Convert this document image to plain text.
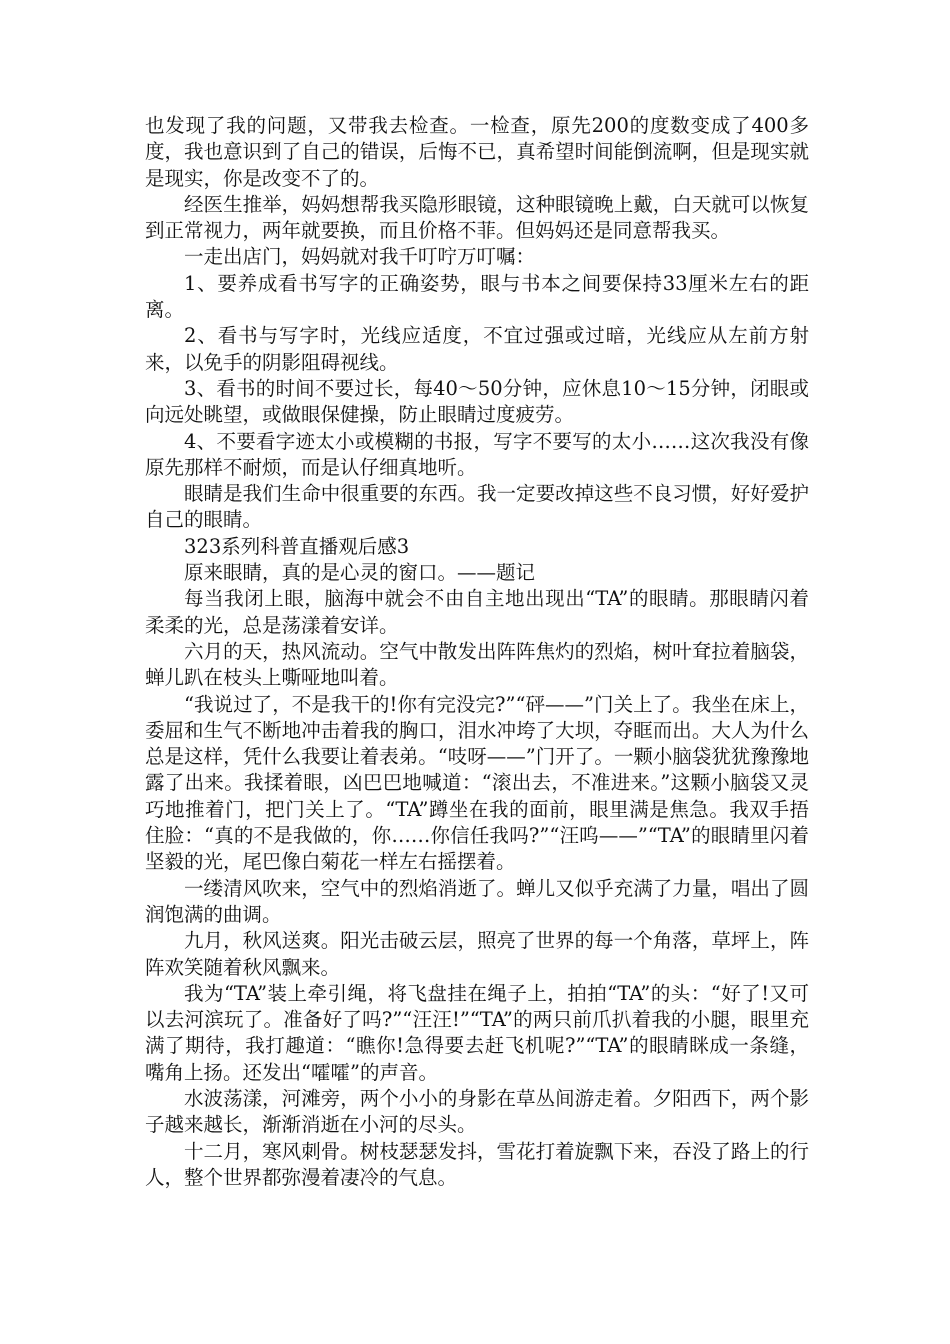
也发现了我的问题，又带我去检查。一检查，原先200的度数变成了400多度，我也意识到了自己的错误，后悔不已，真希望时间能倒流啊，但是现实就是现实，你是改变不了的。

经医生推举，妈妈想帮我买隐形眼镜，这种眼镜晚上戴，白天就可以恢复到正常视力，两年就要换，而且价格不菲。但妈妈还是同意帮我买。

一走出店门，妈妈就对我千叮咛万叮嘱：

1、要养成看书写字的正确姿势，眼与书本之间要保持33厘米左右的距离。

2、看书与写字时，光线应适度，不宜过强或过暗，光线应从左前方射来，以免手的阴影阻碍视线。

3、看书的时间不要过长，每40～50分钟，应休息10～15分钟，闭眼或向远处眺望，或做眼保健操，防止眼睛过度疲劳。

4、不要看字迹太小或模糊的书报，写字不要写的太小……这次我没有像原先那样不耐烦，而是认仔细真地听。

眼睛是我们生命中很重要的东西。我一定要改掉这些不良习惯，好好爱护自己的眼睛。

323系列科普直播观后感3

原来眼睛，真的是心灵的窗口。——题记

每当我闭上眼，脑海中就会不由自主地出现出“TA”的眼睛。那眼睛闪着柔柔的光，总是荡漾着安详。

六月的天，热风流动。空气中散发出阵阵焦灼的烈焰，树叶耷拉着脑袋，蝉儿趴在枝头上嘶哑地叫着。

“我说过了，不是我干的!你有完没完?”“砰——”门关上了。我坐在床上，委屈和生气不断地冲击着我的胸口，泪水冲垮了大坝，夺眶而出。大人为什么总是这样，凭什么我要让着表弟。“吱呀——”门开了。一颗小脑袋犹犹豫豫地露了出来。我揉着眼，凶巴巴地喊道：“滚出去，不准进来。”这颗小脑袋又灵巧地推着门，把门关上了。“TA”蹲坐在我的面前，眼里满是焦急。我双手捂住脸：“真的不是我做的，你……你信任我吗?”“汪呜——”“TA”的眼睛里闪着坚毅的光，尾巴像白菊花一样左右摇摆着。

一缕清风吹来，空气中的烈焰消逝了。蝉儿又似乎充满了力量，唱出了圆润饱满的曲调。

九月，秋风送爽。阳光击破云层，照亮了世界的每一个角落，草坪上，阵阵欢笑随着秋风飘来。

我为“TA”装上牵引绳，将飞盘挂在绳子上，拍拍“TA”的头：“好了!又可以去河滨玩了。准备好了吗?”“汪汪!”“TA”的两只前爪扒着我的小腿，眼里充满了期待，我打趣道：“瞧你!急得要去赶飞机呢?”“TA”的眼睛眯成一条缝，嘴角上扬。还发出“嚯嚯”的声音。

水波荡漾，河滩旁，两个小小的身影在草丛间游走着。夕阳西下，两个影子越来越长，渐渐消逝在小河的尽头。

十二月，寒风刺骨。树枝瑟瑟发抖，雪花打着旋飘下来，吞没了路上的行人，整个世界都弥漫着凄冷的气息。
